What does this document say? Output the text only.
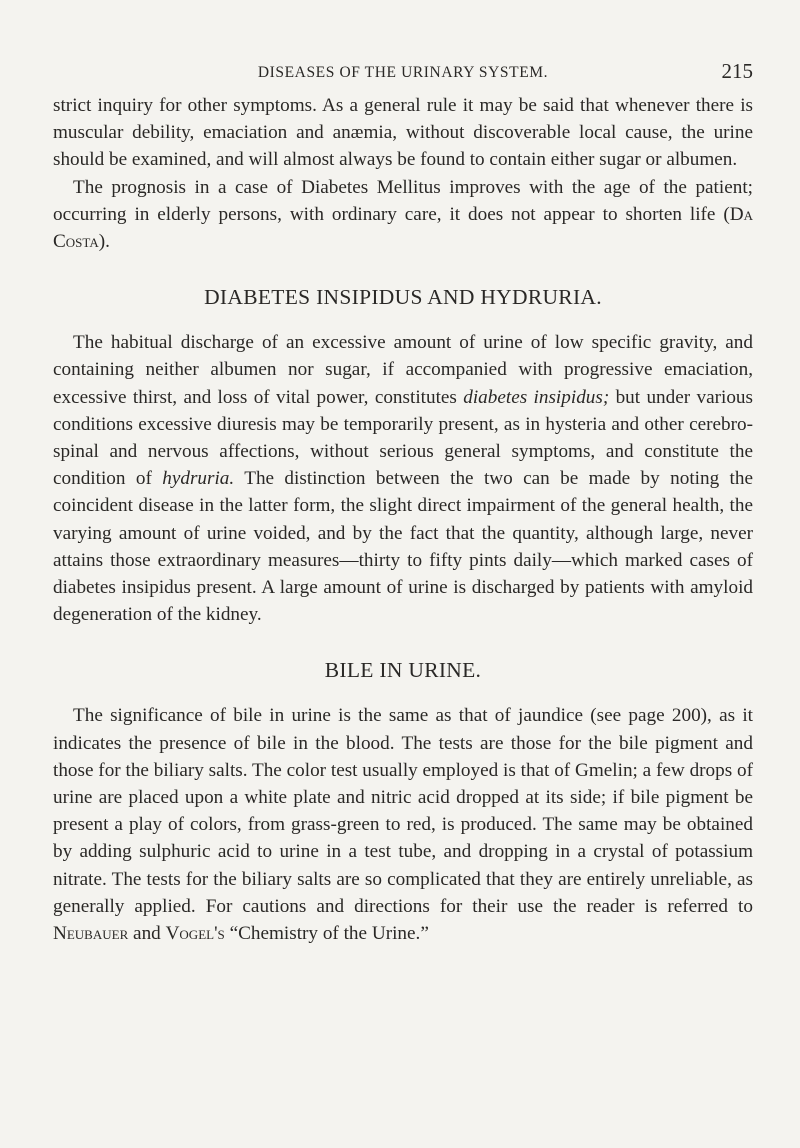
DISEASES OF THE URINARY SYSTEM.	215

strict inquiry for other symptoms. As a general rule it may be said that whenever there is muscular debility, emaciation and anæmia, without discoverable local cause, the urine should be examined, and will almost always be found to contain either sugar or albumen.

The prognosis in a case of Diabetes Mellitus improves with the age of the patient; occurring in elderly persons, with ordinary care, it does not appear to shorten life (Da Costa).

DIABETES INSIPIDUS AND HYDRURIA.

The habitual discharge of an excessive amount of urine of low specific gravity, and containing neither albumen nor sugar, if accompanied with progressive emaciation, excessive thirst, and loss of vital power, constitutes diabetes insipidus; but under various conditions excessive diuresis may be temporarily present, as in hysteria and other cerebro-spinal and nervous affections, without serious general symptoms, and constitute the condition of hydruria. The distinction between the two can be made by noting the coincident disease in the latter form, the slight direct impairment of the general health, the varying amount of urine voided, and by the fact that the quantity, although large, never attains those extraordinary measures—thirty to fifty pints daily—which marked cases of diabetes insipidus present. A large amount of urine is discharged by patients with amyloid degeneration of the kidney.

BILE IN URINE.

The significance of bile in urine is the same as that of jaundice (see page 200), as it indicates the presence of bile in the blood. The tests are those for the bile pigment and those for the biliary salts. The color test usually employed is that of Gmelin; a few drops of urine are placed upon a white plate and nitric acid dropped at its side; if bile pigment be present a play of colors, from grass-green to red, is produced. The same may be obtained by adding sulphuric acid to urine in a test tube, and dropping in a crystal of potassium nitrate. The tests for the biliary salts are so complicated that they are entirely unreliable, as generally applied. For cautions and directions for their use the reader is referred to Neubauer and Vogel's “Chemistry of the Urine.”
